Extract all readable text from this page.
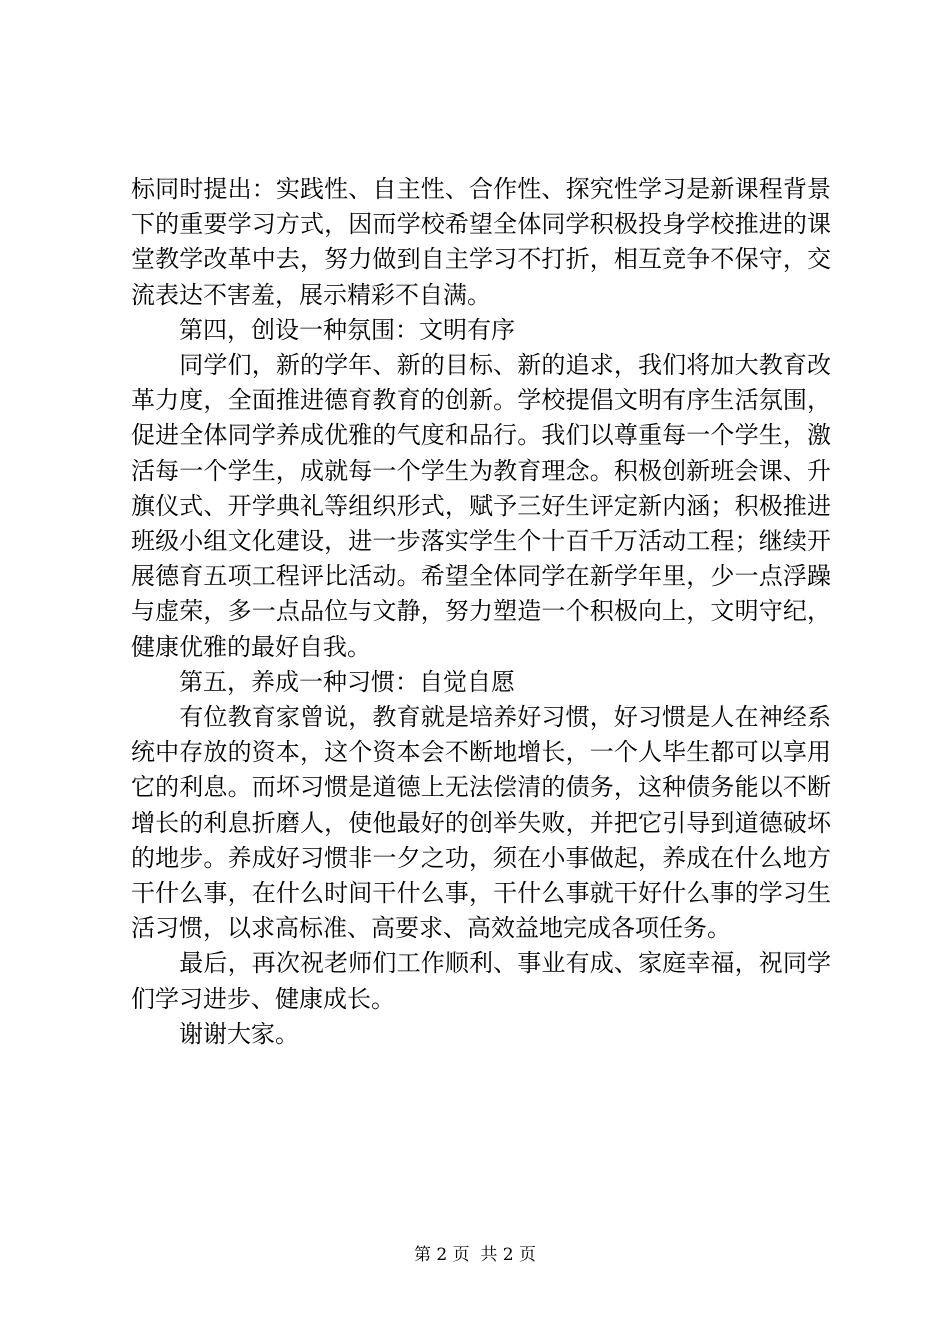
标同时提出：实践性、自主性、合作性、探究性学习是新课程背景下的重要学习方式，因而学校希望全体同学积极投身学校推进的课堂教学改革中去，努力做到自主学习不打折，相互竞争不保守，交流表达不害羞，展示精彩不自满。

　　第四，创设一种氛围：文明有序

　　同学们，新的学年、新的目标、新的追求，我们将加大教育改革力度，全面推进德育教育的创新。学校提倡文明有序生活氛围，促进全体同学养成优雅的气度和品行。我们以尊重每一个学生，激活每一个学生，成就每一个学生为教育理念。积极创新班会课、升旗仪式、开学典礼等组织形式，赋予三好生评定新内涵；积极推进班级小组文化建设，进一步落实学生个十百千万活动工程；继续开展德育五项工程评比活动。希望全体同学在新学年里，少一点浮躁与虚荣，多一点品位与文静，努力塑造一个积极向上，文明守纪，健康优雅的最好自我。

　　第五，养成一种习惯：自觉自愿

　　有位教育家曾说，教育就是培养好习惯，好习惯是人在神经系统中存放的资本，这个资本会不断地增长，一个人毕生都可以享用它的利息。而坏习惯是道德上无法偿清的债务，这种债务能以不断增长的利息折磨人，使他最好的创举失败，并把它引导到道德破坏的地步。养成好习惯非一夕之功，须在小事做起，养成在什么地方干什么事，在什么时间干什么事，干什么事就干好什么事的学习生活习惯，以求高标准、高要求、高效益地完成各项任务。

　　最后，再次祝老师们工作顺利、事业有成、家庭幸福，祝同学们学习进步、健康成长。

　　谢谢大家。

第 2 页  共 2 页
